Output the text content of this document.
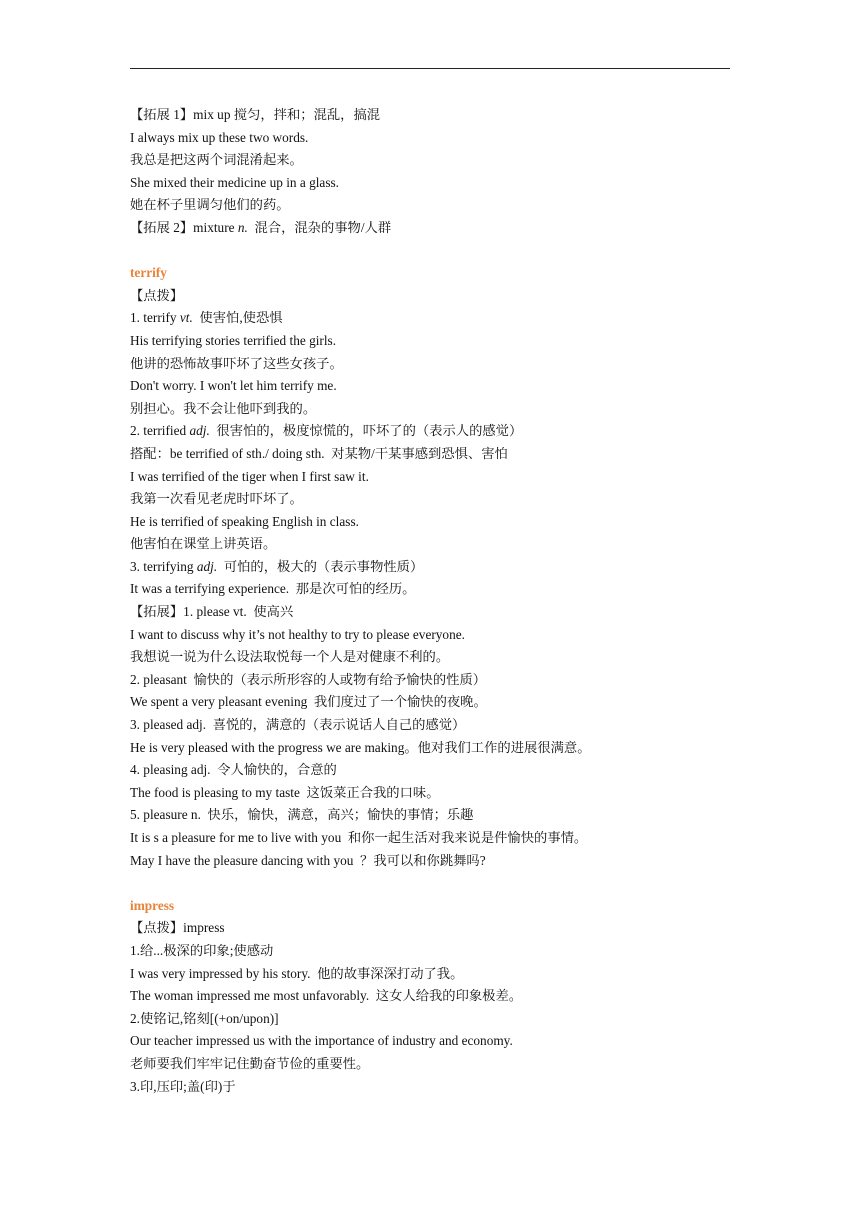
【拓展 1】mix up 搅匀，拌和；混乱，搞混
I always mix up these two words.
我总是把这两个词混淆起来。
She mixed their medicine up in a glass.
她在杯子里调匀他们的药。
【拓展 2】mixture n.  混合，混杂的事物/人群
terrify
【点拨】
1. terrify vt.  使害怕,使恐惧
His terrifying stories terrified the girls.
他讲的恐怖故事吓坏了这些女孩子。
Don't worry. I won't let him terrify me.
别担心。我不会让他吓到我的。
2. terrified adj.  很害怕的，极度惊慌的，吓坏了的（表示人的感觉）
搭配：be terrified of sth./ doing sth.  对某物/干某事感到恐惧、害怕
I was terrified of the tiger when I first saw it.
我第一次看见老虎时吓坏了。
He is terrified of speaking English in class.
他害怕在课堂上讲英语。
3. terrifying adj.  可怕的，极大的（表示事物性质）
It was a terrifying experience.  那是次可怕的经历。
【拓展】1. please vt.  使高兴
I want to discuss why it’s not healthy to try to please everyone.
我想说一说为什么设法取悦每一个人是对健康不利的。
2. pleasant  愉快的（表示所形容的人或物有给予愉快的性质）
We spent a very pleasant evening  我们度过了一个愉快的夜晚。
3. pleased adj.  喜悦的，满意的（表示说话人自己的感觉）
He is very pleased with the progress we are making。他对我们工作的进展很满意。
4. pleasing adj.  令人愉快的，合意的
The food is pleasing to my taste  这饭菜正合我的口味。
5. pleasure n.  快乐，愉快，满意，高兴；愉快的事情；乐趣
It is s a pleasure for me to live with you  和你一起生活对我来说是件愉快的事情。
May I have the pleasure dancing with you  ？我可以和你跳舞吗?
impress
【点拨】impress
1.给...极深的印象;使感动
I was very impressed by his story.  他的故事深深打动了我。
The woman impressed me most unfavorably.  这女人给我的印象极差。
2.使铭记,铭刻[(+on/upon)]
Our teacher impressed us with the importance of industry and economy.
老师要我们牢牢记住勤奋节俭的重要性。
3.印,压印;盖(印)于
